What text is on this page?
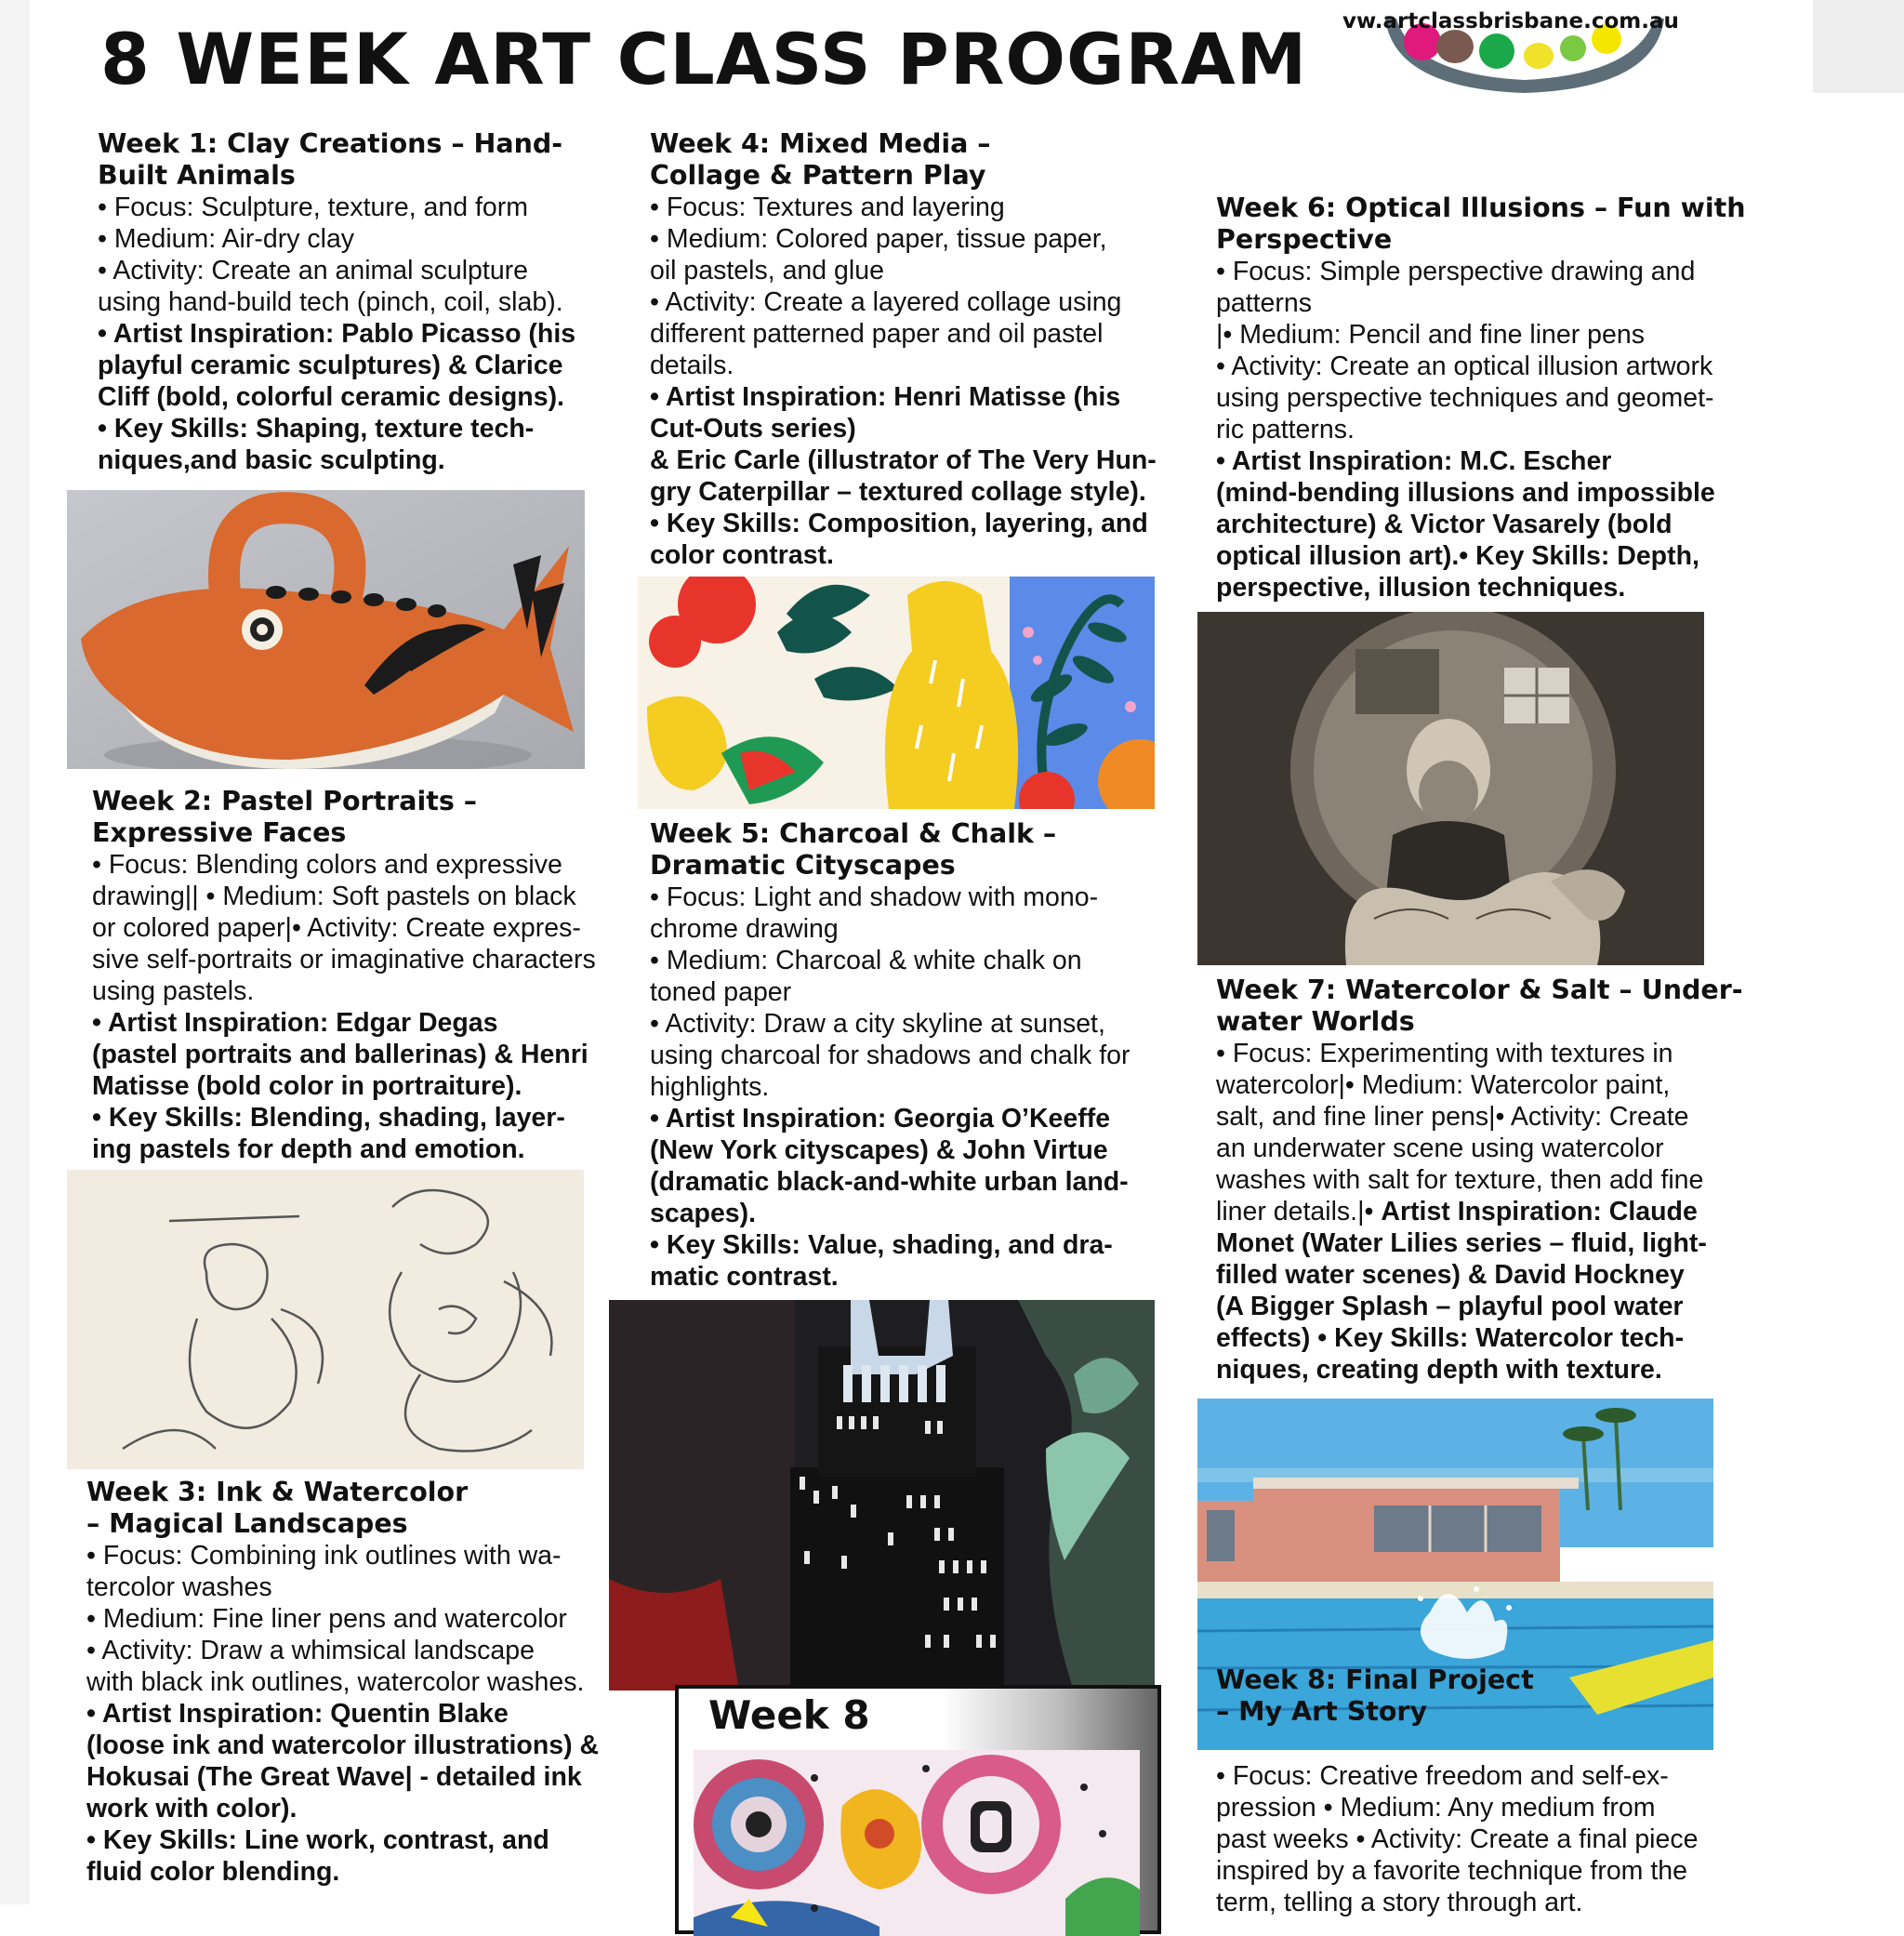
8 WEEK ART CLASS PROGRAM vw.artclassbrisbane.com.au
Week 1: Clay Creations – Hand-
Built Animals

• Focus: Sculpture, texture, and form

• Medium: Air-dry clay

• Activity: Create an animal sculpture

using hand-build tech (pinch, coil, slab).

• Artist Inspiration: Pablo Picasso (his

playful ceramic sculptures) & Clarice

Cliff (bold, colorful ceramic designs).

• Key Skills: Shaping, texture tech-

niques,and basic sculpting.

Week 2: Pastel Portraits –
Expressive Faces

• Focus: Blending colors and expressive

drawing|| • Medium: Soft pastels on black

or colored paper|• Activity: Create expres-

sive self-portraits or imaginative characters

using pastels.

• Artist Inspiration: Edgar Degas

(pastel portraits and ballerinas) & Henri

Matisse (bold color in portraiture).

• Key Skills: Blending, shading, layer-

ing pastels for depth and emotion.

Week 3: Ink & Watercolor
– Magical Landscapes

• Focus: Combining ink outlines with wa-

tercolor washes

• Medium: Fine liner pens and watercolor

• Activity: Draw a whimsical landscape

with black ink outlines, watercolor washes.

• Artist Inspiration: Quentin Blake

(loose ink and watercolor illustrations) &

Hokusai (The Great Wave| - detailed ink

work with color).

• Key Skills: Line work, contrast, and

fluid color blending.

Week 4: Mixed Media –
Collage & Pattern Play

• Focus: Textures and layering

• Medium: Colored paper, tissue paper,

oil pastels, and glue

• Activity: Create a layered collage using

different patterned paper and oil pastel

details.

• Artist Inspiration: Henri Matisse (his

Cut-Outs series)

& Eric Carle (illustrator of The Very Hun-

gry Caterpillar – textured collage style).

• Key Skills: Composition, layering, and

color contrast.

Week 5: Charcoal & Chalk –
Dramatic Cityscapes

• Focus: Light and shadow with mono-

chrome drawing

• Medium: Charcoal & white chalk on

toned paper

• Activity: Draw a city skyline at sunset,

using charcoal for shadows and chalk for

highlights.

• Artist Inspiration: Georgia O’Keeffe

(New York cityscapes) & John Virtue

(dramatic black-and-white urban land-

scapes).

• Key Skills: Value, shading, and dra-

matic contrast.

Week 8
Week 6: Optical Illusions – Fun with
Perspective

• Focus: Simple perspective drawing and

patterns

|• Medium: Pencil and fine liner pens

• Activity: Create an optical illusion artwork

using perspective techniques and geomet-

ric patterns.

• Artist Inspiration: M.C. Escher

(mind-bending illusions and impossible

architecture) & Victor Vasarely (bold

optical illusion art).• Key Skills: Depth,

perspective, illusion techniques.

Week 7: Watercolor & Salt – Under-
water Worlds

• Focus: Experimenting with textures in

watercolor|• Medium: Watercolor paint,

salt, and fine liner pens|• Activity: Create

an underwater scene using watercolor

washes with salt for texture, then add fine

liner details.|• Artist Inspiration: Claude

Monet (Water Lilies series – fluid, light-

filled water scenes) & David Hockney

(A Bigger Splash – playful pool water

effects) • Key Skills: Watercolor tech-

niques, creating depth with texture.

Week 8: Final Project
– My Art Story

• Focus: Creative freedom and self-ex-

pression • Medium: Any medium from

past weeks • Activity: Create a final piece

inspired by a favorite technique from the

term, telling a story through art.
